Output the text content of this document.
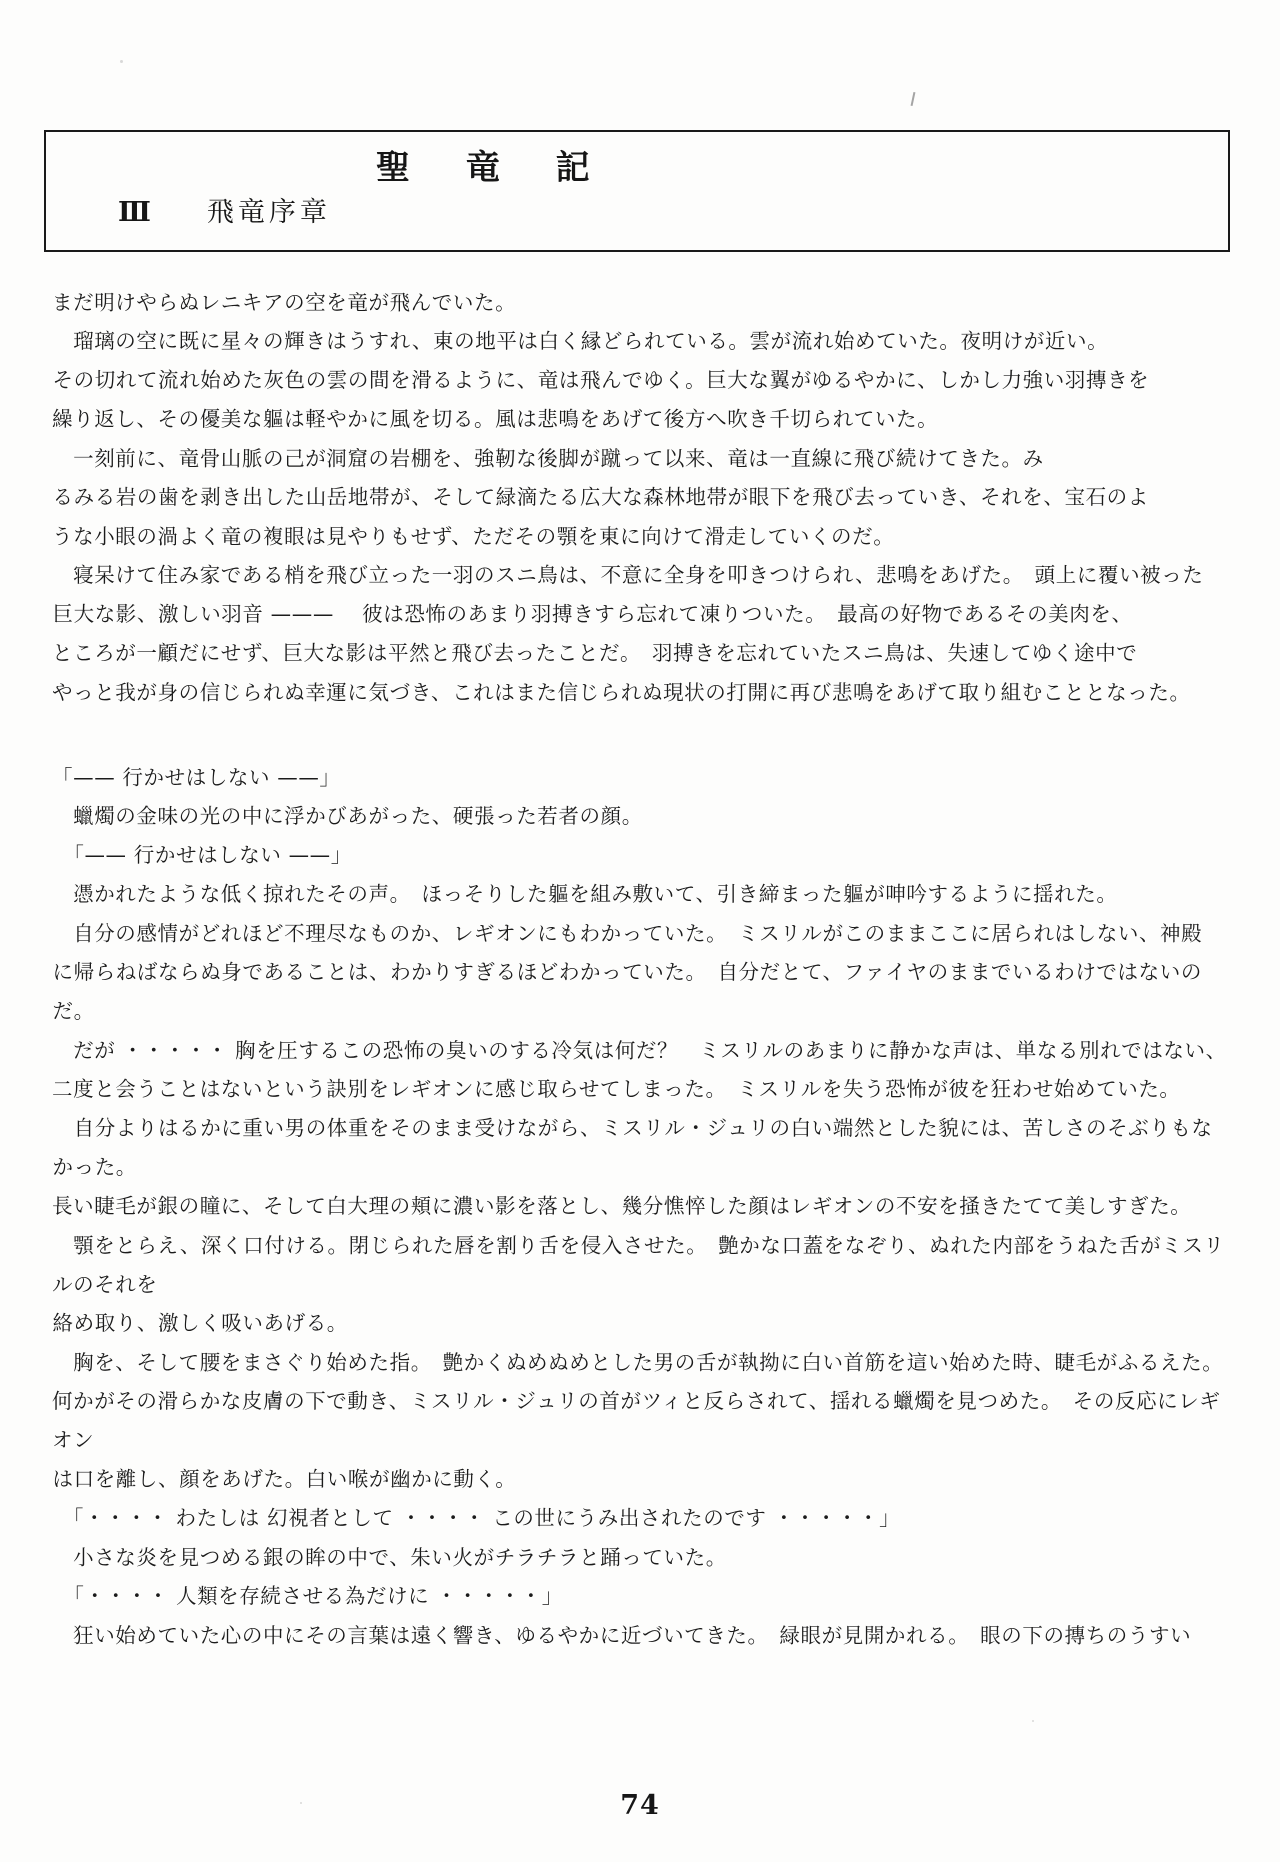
聖 竜 記
Ⅲ 飛竜序章
まだ明けやらぬレニキアの空を竜が飛んでいた。
　瑠璃の空に既に星々の輝きはうすれ、東の地平は白く縁どられている。雲が流れ始めていた。夜明けが近い。
その切れて流れ始めた灰色の雲の間を滑るように、竜は飛んでゆく。巨大な翼がゆるやかに、しかし力強い羽摶きを
繰り返し、その優美な軀は軽やかに風を切る。風は悲鳴をあげて後方へ吹き千切られていた。
　一刻前に、竜骨山脈の己が洞窟の岩棚を、強靭な後脚が蹴って以来、竜は一直線に飛び続けてきた。み
るみる岩の歯を剥き出した山岳地帯が、そして緑滴たる広大な森林地帯が眼下を飛び去っていき、それを、宝石のよ
うな小眼の渦よく竜の複眼は見やりもせず、ただその顎を東に向けて滑走していくのだ。
　寝呆けて住み家である梢を飛び立った一羽のスニ鳥は、不意に全身を叩きつけられ、悲鳴をあげた。　頭上に覆い被った
巨大な影、激しい羽音 ——— 　彼は恐怖のあまり羽搏きすら忘れて凍りついた。　最高の好物であるその美肉を、
ところが一顧だにせず、巨大な影は平然と飛び去ったことだ。　羽搏きを忘れていたスニ鳥は、失速してゆく途中で
やっと我が身の信じられぬ幸運に気づき、これはまた信じられぬ現状の打開に再び悲鳴をあげて取り組むこととなった。
「—— 行かせはしない ——」
　蠟燭の金味の光の中に浮かびあがった、硬張った若者の顔。
　「—— 行かせはしない ——」
　憑かれたような低く掠れたその声。　ほっそりした軀を組み敷いて、引き締まった軀が呻吟するように揺れた。
　自分の感情がどれほど不理尽なものか、レギオンにもわかっていた。　ミスリルがこのままここに居られはしない、神殿
に帰らねばならぬ身であることは、わかりすぎるほどわかっていた。　自分だとて、ファイヤのままでいるわけではないのだ。
　だが ・・・・・ 胸を圧するこの恐怖の臭いのする冷気は何だ？　ミスリルのあまりに静かな声は、単なる別れではない、
二度と会うことはないという訣別をレギオンに感じ取らせてしまった。　ミスリルを失う恐怖が彼を狂わせ始めていた。
　自分よりはるかに重い男の体重をそのまま受けながら、ミスリル・ジュリの白い端然とした貌には、苦しさのそぶりもなかった。
長い睫毛が銀の瞳に、そして白大理の頬に濃い影を落とし、幾分憔悴した顔はレギオンの不安を掻きたてて美しすぎた。
　顎をとらえ、深く口付ける。閉じられた唇を割り舌を侵入させた。　艶かな口蓋をなぞり、ぬれた内部をうねた舌がミスリルのそれを
絡め取り、激しく吸いあげる。
　胸を、そして腰をまさぐり始めた指。　艶かくぬめぬめとした男の舌が執拗に白い首筋を這い始めた時、睫毛がふるえた。
何かがその滑らかな皮膚の下で動き、ミスリル・ジュリの首がツィと反らされて、揺れる蠟燭を見つめた。　その反応にレギオン
は口を離し、顔をあげた。白い喉が幽かに動く。
　「・・・・ わたしは 幻視者として ・・・・ この世にうみ出されたのです ・・・・・」
　小さな炎を見つめる銀の眸の中で、朱い火がチラチラと踊っていた。
　「・・・・ 人類を存続させる為だけに ・・・・・」
　狂い始めていた心の中にその言葉は遠く響き、ゆるやかに近づいてきた。　緑眼が見開かれる。　眼の下の摶ちのうすい
74
